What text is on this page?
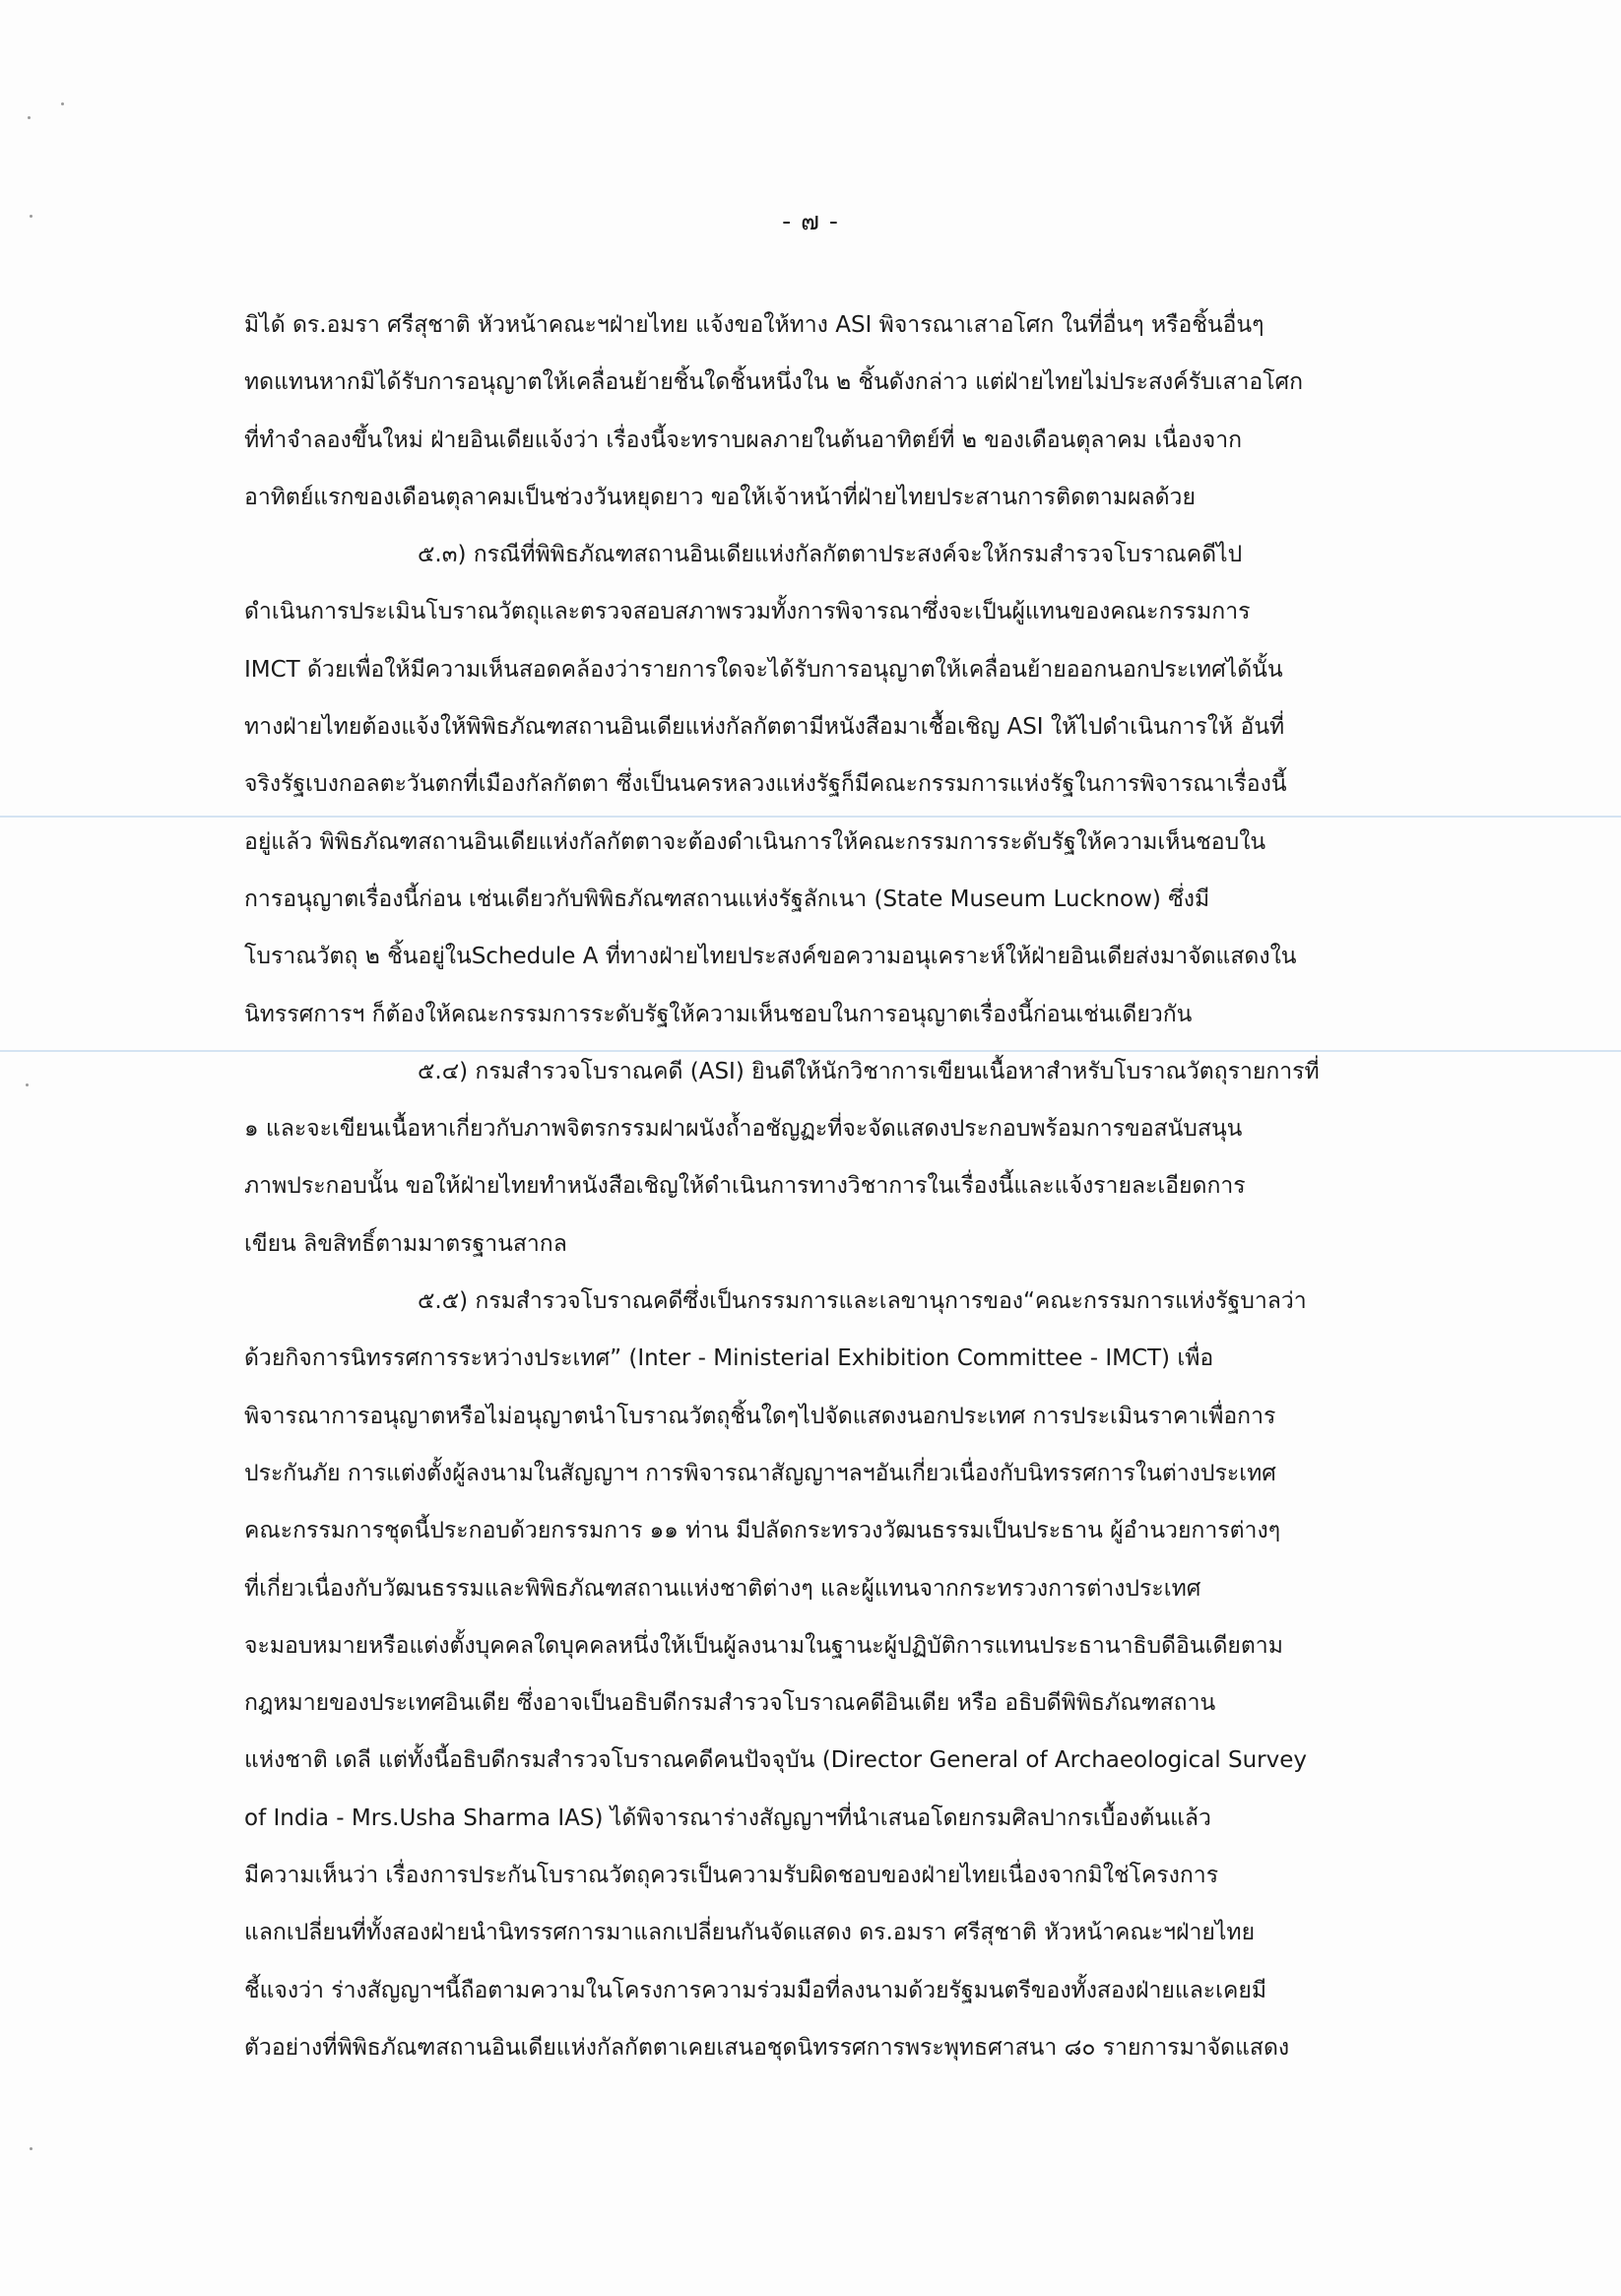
- ๗ -
มิได้ ดร.อมรา ศรีสุชาติ หัวหน้าคณะฯฝ่ายไทย แจ้งขอให้ทาง ASI พิจารณาเสาอโศก ในที่อื่นๆ หรือชิ้นอื่นๆ
ทดแทนหากมิได้รับการอนุญาตให้เคลื่อนย้ายชิ้นใดชิ้นหนึ่งใน ๒ ชิ้นดังกล่าว แต่ฝ่ายไทยไม่ประสงค์รับเสาอโศก
ที่ทำจำลองขึ้นใหม่ ฝ่ายอินเดียแจ้งว่า เรื่องนี้จะทราบผลภายในต้นอาทิตย์ที่ ๒ ของเดือนตุลาคม เนื่องจาก
อาทิตย์แรกของเดือนตุลาคมเป็นช่วงวันหยุดยาว ขอให้เจ้าหน้าที่ฝ่ายไทยประสานการติดตามผลด้วย
๕.๓) กรณีที่พิพิธภัณฑสถานอินเดียแห่งกัลกัตตาประสงค์จะให้กรมสำรวจโบราณคดีไป
ดำเนินการประเมินโบราณวัตถุและตรวจสอบสภาพรวมทั้งการพิจารณาซึ่งจะเป็นผู้แทนของคณะกรรมการ
IMCT ด้วยเพื่อให้มีความเห็นสอดคล้องว่ารายการใดจะได้รับการอนุญาตให้เคลื่อนย้ายออกนอกประเทศได้นั้น
ทางฝ่ายไทยต้องแจ้งให้พิพิธภัณฑสถานอินเดียแห่งกัลกัตตามีหนังสือมาเชื้อเชิญ ASI ให้ไปดำเนินการให้ อันที่
จริงรัฐเบงกอลตะวันตกที่เมืองกัลกัตตา ซึ่งเป็นนครหลวงแห่งรัฐก็มีคณะกรรมการแห่งรัฐในการพิจารณาเรื่องนี้
อยู่แล้ว พิพิธภัณฑสถานอินเดียแห่งกัลกัตตาจะต้องดำเนินการให้คณะกรรมการระดับรัฐให้ความเห็นชอบใน
การอนุญาตเรื่องนี้ก่อน เช่นเดียวกับพิพิธภัณฑสถานแห่งรัฐลักเนา (State Museum Lucknow) ซึ่งมี
โบราณวัตถุ ๒ ชิ้นอยู่ในSchedule A ที่ทางฝ่ายไทยประสงค์ขอความอนุเคราะห์ให้ฝ่ายอินเดียส่งมาจัดแสดงใน
นิทรรศการฯ ก็ต้องให้คณะกรรมการระดับรัฐให้ความเห็นชอบในการอนุญาตเรื่องนี้ก่อนเช่นเดียวกัน
๕.๔) กรมสำรวจโบราณคดี (ASI) ยินดีให้นักวิชาการเขียนเนื้อหาสำหรับโบราณวัตถุรายการที่
๑ และจะเขียนเนื้อหาเกี่ยวกับภาพจิตรกรรมฝาผนังถ้ำอชัญฏะที่จะจัดแสดงประกอบพร้อมการขอสนับสนุน
ภาพประกอบนั้น ขอให้ฝ่ายไทยทำหนังสือเชิญให้ดำเนินการทางวิชาการในเรื่องนี้และแจ้งรายละเอียดการ
เขียน ลิขสิทธิ์ตามมาตรฐานสากล
๕.๕) กรมสำรวจโบราณคดีซึ่งเป็นกรรมการและเลขานุการของ“คณะกรรมการแห่งรัฐบาลว่า
ด้วยกิจการนิทรรศการระหว่างประเทศ” (Inter - Ministerial Exhibition Committee - IMCT) เพื่อ
พิจารณาการอนุญาตหรือไม่อนุญาตนำโบราณวัตถุชิ้นใดๆไปจัดแสดงนอกประเทศ การประเมินราคาเพื่อการ
ประกันภัย การแต่งตั้งผู้ลงนามในสัญญาฯ การพิจารณาสัญญาฯลฯอันเกี่ยวเนื่องกับนิทรรศการในต่างประเทศ
คณะกรรมการชุดนี้ประกอบด้วยกรรมการ ๑๑ ท่าน มีปลัดกระทรวงวัฒนธรรมเป็นประธาน ผู้อำนวยการต่างๆ
ที่เกี่ยวเนื่องกับวัฒนธรรมและพิพิธภัณฑสถานแห่งชาติต่างๆ และผู้แทนจากกระทรวงการต่างประเทศ
จะมอบหมายหรือแต่งตั้งบุคคลใดบุคคลหนึ่งให้เป็นผู้ลงนามในฐานะผู้ปฏิบัติการแทนประธานาธิบดีอินเดียตาม
กฎหมายของประเทศอินเดีย ซึ่งอาจเป็นอธิบดีกรมสำรวจโบราณคดีอินเดีย หรือ อธิบดีพิพิธภัณฑสถาน
แห่งชาติ เดลี แต่ทั้งนี้อธิบดีกรมสำรวจโบราณคดีคนปัจจุบัน (Director General of Archaeological Survey
of India - Mrs.Usha Sharma IAS) ได้พิจารณาร่างสัญญาฯที่นำเสนอโดยกรมศิลปากรเบื้องต้นแล้ว
มีความเห็นว่า เรื่องการประกันโบราณวัตถุควรเป็นความรับผิดชอบของฝ่ายไทยเนื่องจากมิใช่โครงการ
แลกเปลี่ยนที่ทั้งสองฝ่ายนำนิทรรศการมาแลกเปลี่ยนกันจัดแสดง ดร.อมรา ศรีสุชาติ หัวหน้าคณะฯฝ่ายไทย
ชี้แจงว่า ร่างสัญญาฯนี้ถือตามความในโครงการความร่วมมือที่ลงนามด้วยรัฐมนตรีของทั้งสองฝ่ายและเคยมี
ตัวอย่างที่พิพิธภัณฑสถานอินเดียแห่งกัลกัตตาเคยเสนอชุดนิทรรศการพระพุทธศาสนา ๘๐ รายการมาจัดแสดง
